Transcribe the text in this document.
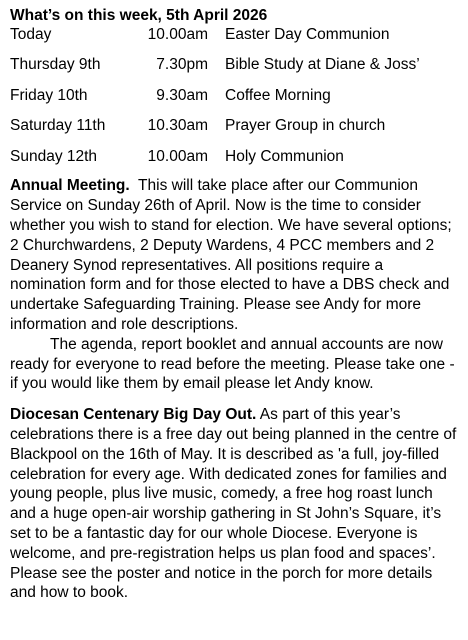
What’s on this week, 5th April 2026

Today	10.00am	Easter Day Communion
Thursday 9th	7.30pm	Bible Study at Diane & Joss’
Friday 10th	9.30am	Coffee Morning
Saturday 11th	10.30am	Prayer Group in church
Sunday 12th	10.00am	Holy Communion

Annual Meeting.  This will take place after our Communion Service on Sunday 26th of April. Now is the time to consider whether you wish to stand for election. We have several options; 2 Churchwardens, 2 Deputy Wardens, 4 PCC members and 2 Deanery Synod representatives. All positions require a nomination form and for those elected to have a DBS check and undertake Safeguarding Training. Please see Andy for more information and role descriptions.

The agenda, report booklet and annual accounts are now ready for everyone to read before the meeting. Please take one - if you would like them by email please let Andy know.

Diocesan Centenary Big Day Out. As part of this year’s celebrations there is a free day out being planned in the centre of Blackpool on the 16th of May. It is described as 'a full, joy-filled celebration for every age. With dedicated zones for families and young people, plus live music, comedy, a free hog roast lunch and a huge open-air worship gathering in St John’s Square, it’s set to be a fantastic day for our whole Diocese. Everyone is welcome, and pre-registration helps us plan food and spaces’. Please see the poster and notice in the porch for more details and how to book.
